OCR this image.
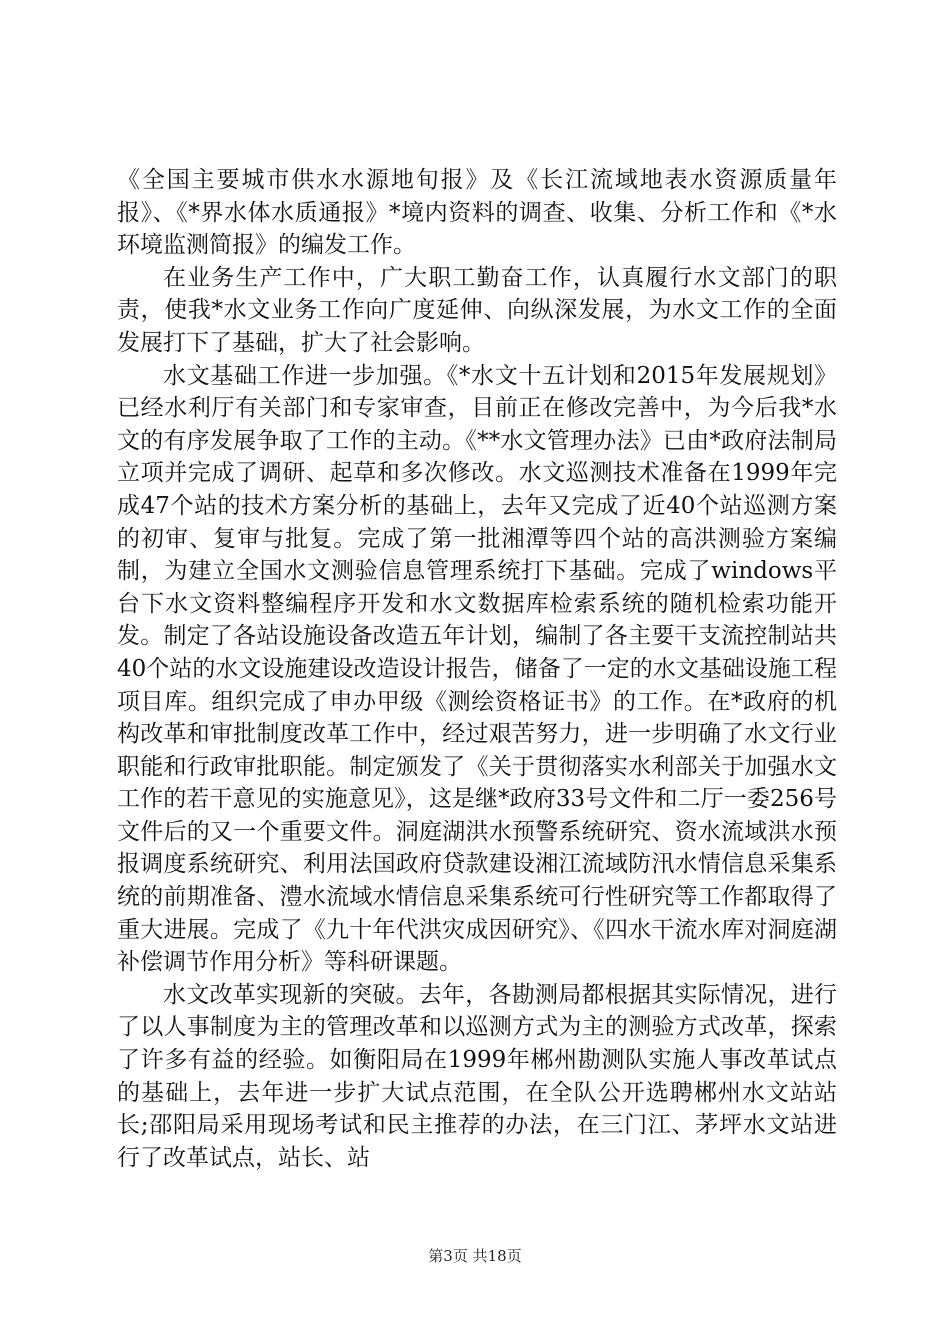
《全国主要城市供水水源地旬报》及《长江流域地表水资源质量年报》、《*界水体水质通报》*境内资料的调查、收集、分析工作和《*水环境监测简报》的编发工作。

在业务生产工作中，广大职工勤奋工作，认真履行水文部门的职责，使我*水文业务工作向广度延伸、向纵深发展，为水文工作的全面发展打下了基础，扩大了社会影响。

水文基础工作进一步加强。《*水文十五计划和2015年发展规划》已经水利厅有关部门和专家审查，目前正在修改完善中，为今后我*水文的有序发展争取了工作的主动。《**水文管理办法》已由*政府法制局立项并完成了调研、起草和多次修改。水文巡测技术准备在1999年完成47个站的技术方案分析的基础上，去年又完成了近40个站巡测方案的初审、复审与批复。完成了第一批湘潭等四个站的高洪测验方案编制，为建立全国水文测验信息管理系统打下基础。完成了windows平台下水文资料整编程序开发和水文数据库检索系统的随机检索功能开发。制定了各站设施设备改造五年计划，编制了各主要干支流控制站共40个站的水文设施建设改造设计报告，储备了一定的水文基础设施工程项目库。组织完成了申办甲级《测绘资格证书》的工作。在*政府的机构改革和审批制度改革工作中，经过艰苦努力，进一步明确了水文行业职能和行政审批职能。制定颁发了《关于贯彻落实水利部关于加强水文工作的若干意见的实施意见》，这是继*政府33号文件和二厅一委256号文件后的又一个重要文件。洞庭湖洪水预警系统研究、资水流域洪水预报调度系统研究、利用法国政府贷款建设湘江流域防汛水情信息采集系统的前期准备、澧水流域水情信息采集系统可行性研究等工作都取得了重大进展。完成了《九十年代洪灾成因研究》、《四水干流水库对洞庭湖补偿调节作用分析》等科研课题。

水文改革实现新的突破。去年，各勘测局都根据其实际情况，进行了以人事制度为主的管理改革和以巡测方式为主的测验方式改革，探索了许多有益的经验。如衡阳局在1999年郴州勘测队实施人事改革试点的基础上，去年进一步扩大试点范围，在全队公开选聘郴州水文站站长;邵阳局采用现场考试和民主推荐的办法，在三门江、茅坪水文站进行了改革试点，站长、站

第3页 共18页
